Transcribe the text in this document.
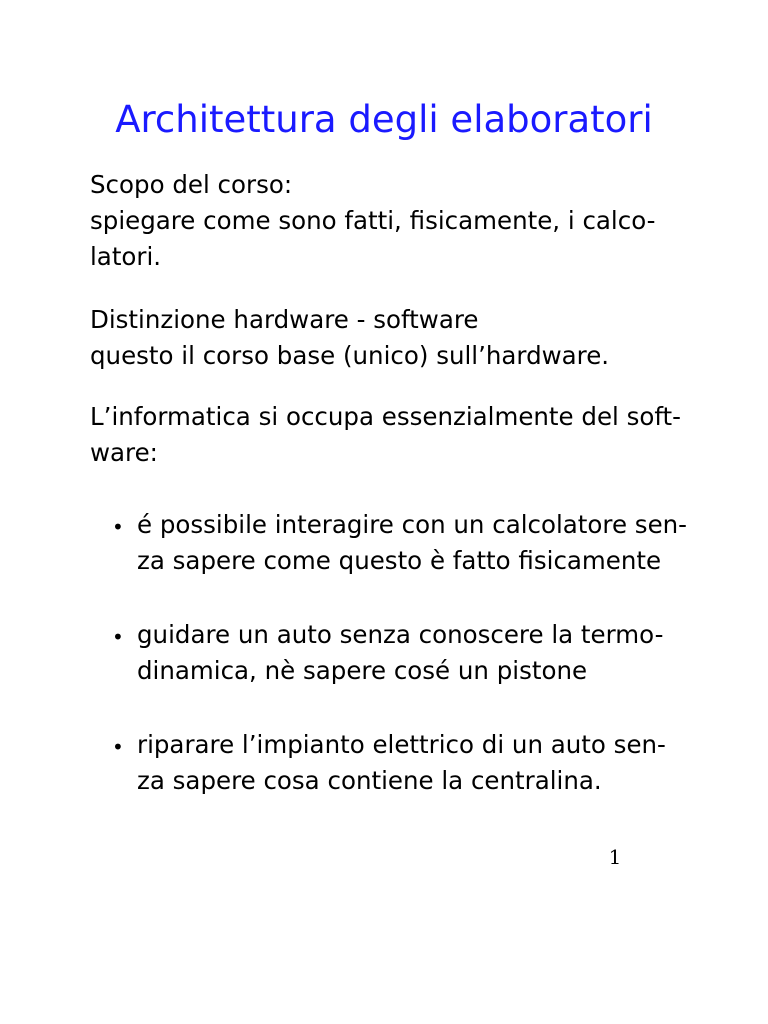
Architettura degli elaboratori
Scopo del corso:
spiegare come sono fatti, fisicamente, i calco-
latori.
Distinzione hardware - software
questo il corso base (unico) sull’hardware.
L’informatica si occupa essenzialmente del soft-
ware:
• é possibile interagire con un calcolatore sen-
za sapere come questo è fatto fisicamente
• guidare un auto senza conoscere la termo-
dinamica, nè sapere cosé un pistone
• riparare l’impianto elettrico di un auto sen-
za sapere cosa contiene la centralina.
1
